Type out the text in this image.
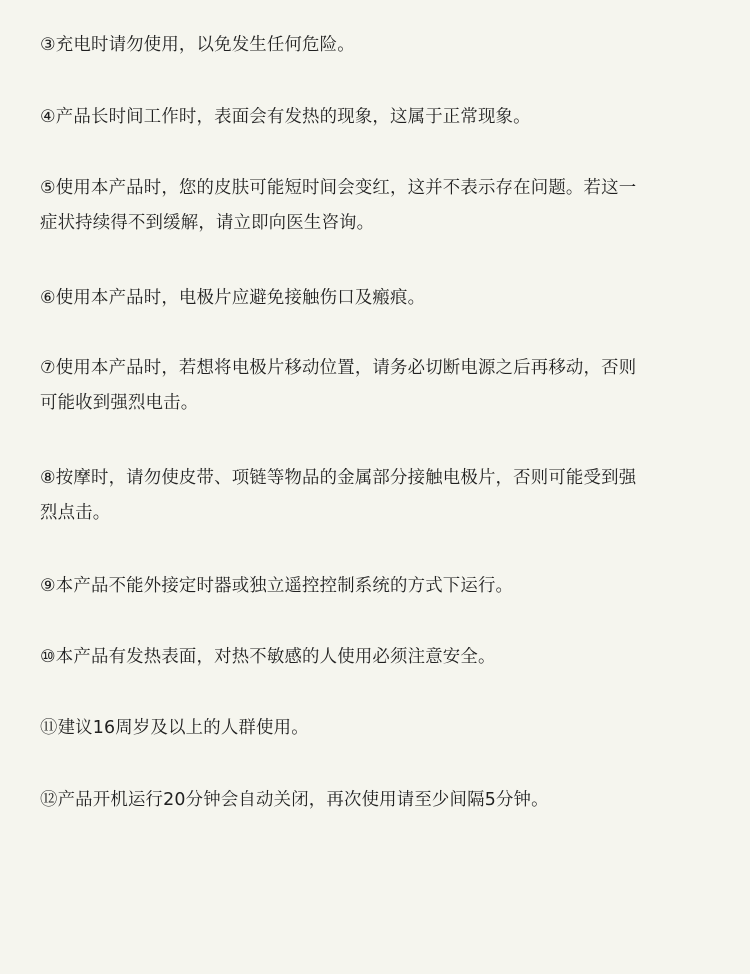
③充电时请勿使用，以免发生任何危险。
④产品长时间工作时，表面会有发热的现象，这属于正常现象。
⑤使用本产品时，您的皮肤可能短时间会变红，这并不表示存在问题。若这一
症状持续得不到缓解，请立即向医生咨询。
⑥使用本产品时，电极片应避免接触伤口及瘢痕。
⑦使用本产品时，若想将电极片移动位置，请务必切断电源之后再移动，否则
可能收到强烈电击。
⑧按摩时，请勿使皮带、项链等物品的金属部分接触电极片，否则可能受到强
烈点击。
⑨本产品不能外接定时器或独立遥控控制系统的方式下运行。
⑩本产品有发热表面，对热不敏感的人使用必须注意安全。
⑪建议16周岁及以上的人群使用。
⑫产品开机运行20分钟会自动关闭，再次使用请至少间隔5分钟。
